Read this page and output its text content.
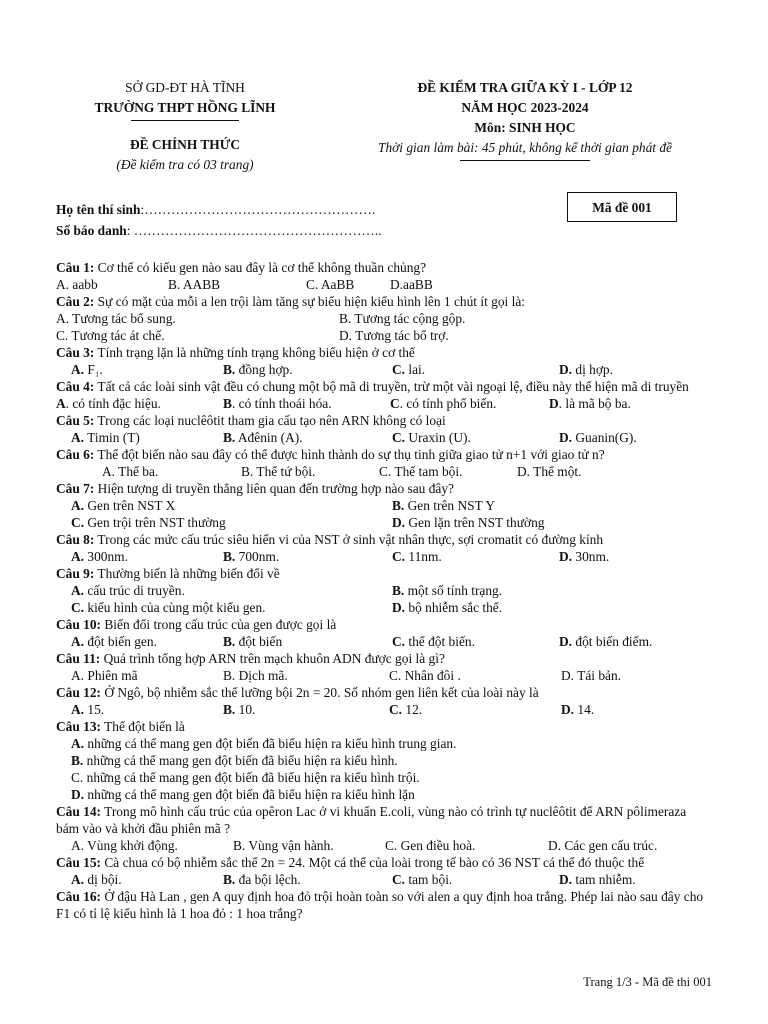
SỞ GD-ĐT HÀ TĨNH
TRƯỜNG THPT HỒNG LĨNH
ĐỀ CHÍNH THỨC
(Đề kiểm tra có 03 trang)
ĐỀ KIỂM TRA GIỮA KỲ I - LỚP 12
NĂM HỌC 2023-2024
Môn: SINH HỌC
Thời gian làm bài: 45 phút, không kể thời gian phát đề
Họ tên thí sinh:…………………………………………….
Số báo danh: ………………………………………………..
Mã đề 001
Câu 1: Cơ thể có kiểu gen nào sau đây là cơ thể không thuần chủng?
A. aabb	B. AABB	C. AaBB	D.aaBB
Câu 2: Sự có mặt của mỗi a len trội làm tăng sự biểu hiện kiểu hình lên 1 chút ít gọi là:
A. Tương tác bổ sung.	B. Tương tác cộng gộp.
C. Tương tác át chế.	D. Tương tác bổ trợ.
Câu 3: Tính trạng lặn là những tính trạng không biểu hiện ở cơ thể
A. F₁.	B. đồng hợp.	C. lai.	D. dị hợp.
Câu 4: Tất cả các loài sinh vật đều có chung một bộ mã di truyền, trừ một vài ngoại lệ, điều này thể hiện mã di truyền
A. có tính đặc hiệu.	B. có tính thoái hóa.	C. có tính phổ biến.	D. là mã bộ ba.
Câu 5: Trong các loại nuclêôtit tham gia cấu tạo nên ARN không có loại
A. Timin (T)	B. Ađênin (A).	C. Uraxin (U).	D. Guanin(G).
Câu 6: Thể đột biến nào sau đây có thể được hình thành do sự thụ tinh giữa giao tử n+1 với giao tử n?
A. Thể ba.	B. Thể tứ bội.	C. Thể tam bội.	D. Thể một.
Câu 7: Hiện tượng di truyền thẳng liên quan đến trường hợp nào sau đây?
A. Gen trên NST X	B. Gen trên NST Y
C. Gen trội trên NST thường	D. Gen lặn trên NST thường
Câu 8: Trong các mức cấu trúc siêu hiển vi của NST ở sinh vật nhân thực, sợi cromatit có đường kính
A. 300nm.	B. 700nm.	C. 11nm.	D. 30nm.
Câu 9: Thường biến là những biến đổi về
A. cấu trúc di truyền.	B. một số tính trạng.
C. kiểu hình của cùng một kiểu gen.	D. bộ nhiễm sắc thể.
Câu 10: Biến đổi trong cấu trúc của gen được gọi là
A. đột biến gen.	B. đột biến	C. thể đột biến.	D. đột biến điểm.
Câu 11: Quá trình tổng hợp ARN trên mạch khuôn ADN được gọi là gì?
A. Phiên mã	B. Dịch mã.	C. Nhân đôi .	D. Tái bản.
Câu 12: Ở Ngô, bộ nhiễm sắc thể lưỡng bội 2n = 20. Số nhóm gen liên kết của loài này là
A. 15.	B. 10.	C. 12.	D. 14.
Câu 13: Thể đột biến là
A. những cá thể mang gen đột biến đã biểu hiện ra kiểu hình trung gian.
B. những cá thể mang gen đột biến đã biểu hiện ra kiểu hình.
C. những cá thể mang gen đột biến đã biểu hiện ra kiểu hình trội.
D. những cá thể mang gen đột biến đã biểu hiện ra kiểu hình lặn
Câu 14: Trong mô hình cấu trúc của opêron Lac ở vi khuẩn E.coli, vùng nào có trình tự nuclêôtit để ARN pôlimeraza bám vào và khởi đầu phiên mã ?
A. Vùng khởi động.	B. Vùng vận hành.	C. Gen điều hoà.	D. Các gen cấu trúc.
Câu 15: Cà chua có bộ nhiễm sắc thể 2n = 24. Một cá thể của loài trong tế bào có 36 NST cá thể đó thuộc thể
A. dị bội.	B. đa bội lệch.	C. tam bội.	D. tam nhiễm.
Câu 16: Ở đậu Hà Lan , gen A quy định hoa đỏ trội hoàn toàn so với alen a quy định hoa trắng. Phép lai nào sau đây cho F1 có tỉ lệ kiểu hình là 1 hoa đỏ : 1 hoa trắng?
Trang 1/3 - Mã đề thi 001
